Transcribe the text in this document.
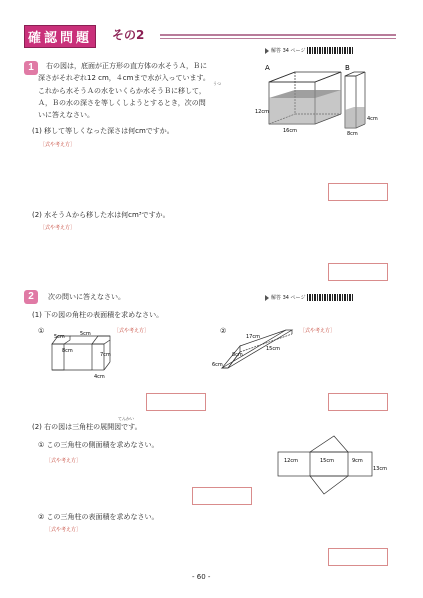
確認問題	その2
解答 34 ページ
1	右の図は，底面が正方形の直方体の水そうＡ，Ｂに
深さがそれぞれ12 cm，４cmまで水が入っています。
うつ
これから水そうＡの水をいくらか水そうＢに移して，
Ａ，Ｂの水の深さを等しくしようとするとき，次の問
いに答えなさい。
A	B
12cm
16cm
4cm
8cm
(1) 移して等しくなった深さは何cmですか。
［式や考え方］
(2) 水そうＡから移した水は何cm³ですか。
［式や考え方］
2	次の問いに答えなさい。	解答 34 ページ
(1) 下の図の角柱の表面積を求めなさい。
①	［式や考え方］	②	［式や考え方］
5cm	5cm
8cm
7cm
4cm
17cm
15cm
8cm
6cm
てんかい
(2) 右の図は三角柱の展開図です。
① この三角柱の側面積を求めなさい。
［式や考え方］	12cm	15cm	9cm
13cm
② この三角柱の表面積を求めなさい。
［式や考え方］
- 60 -
